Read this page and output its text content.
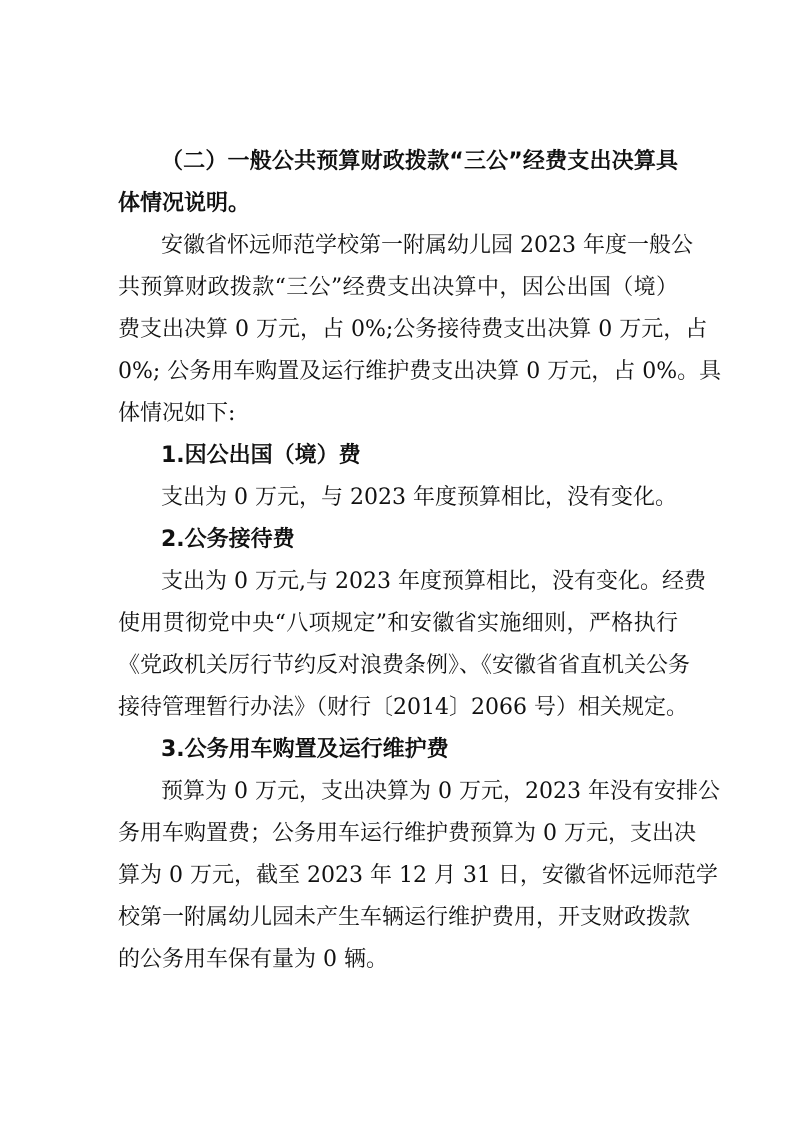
（二）一般公共预算财政拨款“三公”经费支出决算具
体情况说明。
安徽省怀远师范学校第一附属幼儿园 2023 年度一般公
共预算财政拨款“三公”经费支出决算中，因公出国（境）
费支出决算 0 万元，占 0%;公务接待费支出决算 0 万元，占
0%; 公务用车购置及运行维护费支出决算 0 万元，占 0%。具
体情况如下:
1.因公出国（境）费
支出为 0 万元，与 2023 年度预算相比，没有变化。
2.公务接待费
支出为 0 万元,与 2023 年度预算相比，没有变化。经费
使用贯彻党中央“八项规定”和安徽省实施细则，严格执行
《党政机关厉行节约反对浪费条例》、《安徽省省直机关公务
接待管理暂行办法》（财行〔2014〕2066 号）相关规定。
3.公务用车购置及运行维护费
预算为 0 万元，支出决算为 0 万元，2023 年没有安排公
务用车购置费；公务用车运行维护费预算为 0 万元，支出决
算为 0 万元，截至 2023 年 12 月 31 日，安徽省怀远师范学
校第一附属幼儿园未产生车辆运行维护费用，开支财政拨款
的公务用车保有量为 0 辆。
